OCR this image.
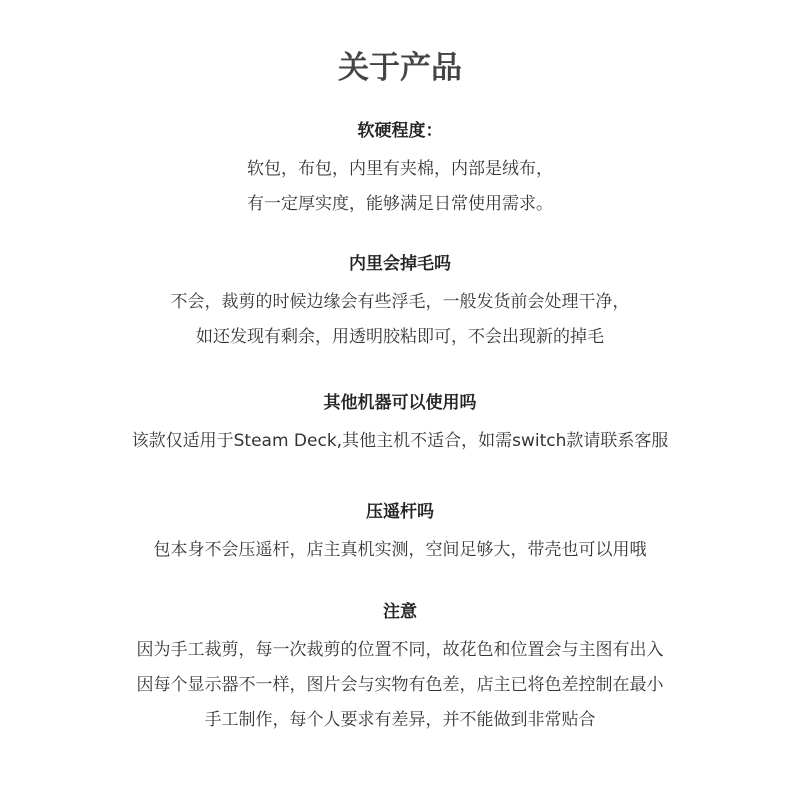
关于产品

软硬程度：

软包，布包，内里有夹棉，内部是绒布，

有一定厚实度，能够满足日常使用需求。

内里会掉毛吗

不会，裁剪的时候边缘会有些浮毛，一般发货前会处理干净，

如还发现有剩余，用透明胶粘即可，不会出现新的掉毛

其他机器可以使用吗

该款仅适用于Steam Deck,其他主机不适合，如需switch款请联系客服

压遥杆吗

包本身不会压遥杆，店主真机实测，空间足够大，带壳也可以用哦

注意

因为手工裁剪，每一次裁剪的位置不同，故花色和位置会与主图有出入

因每个显示器不一样，图片会与实物有色差，店主已将色差控制在最小

手工制作，每个人要求有差异，并不能做到非常贴合
